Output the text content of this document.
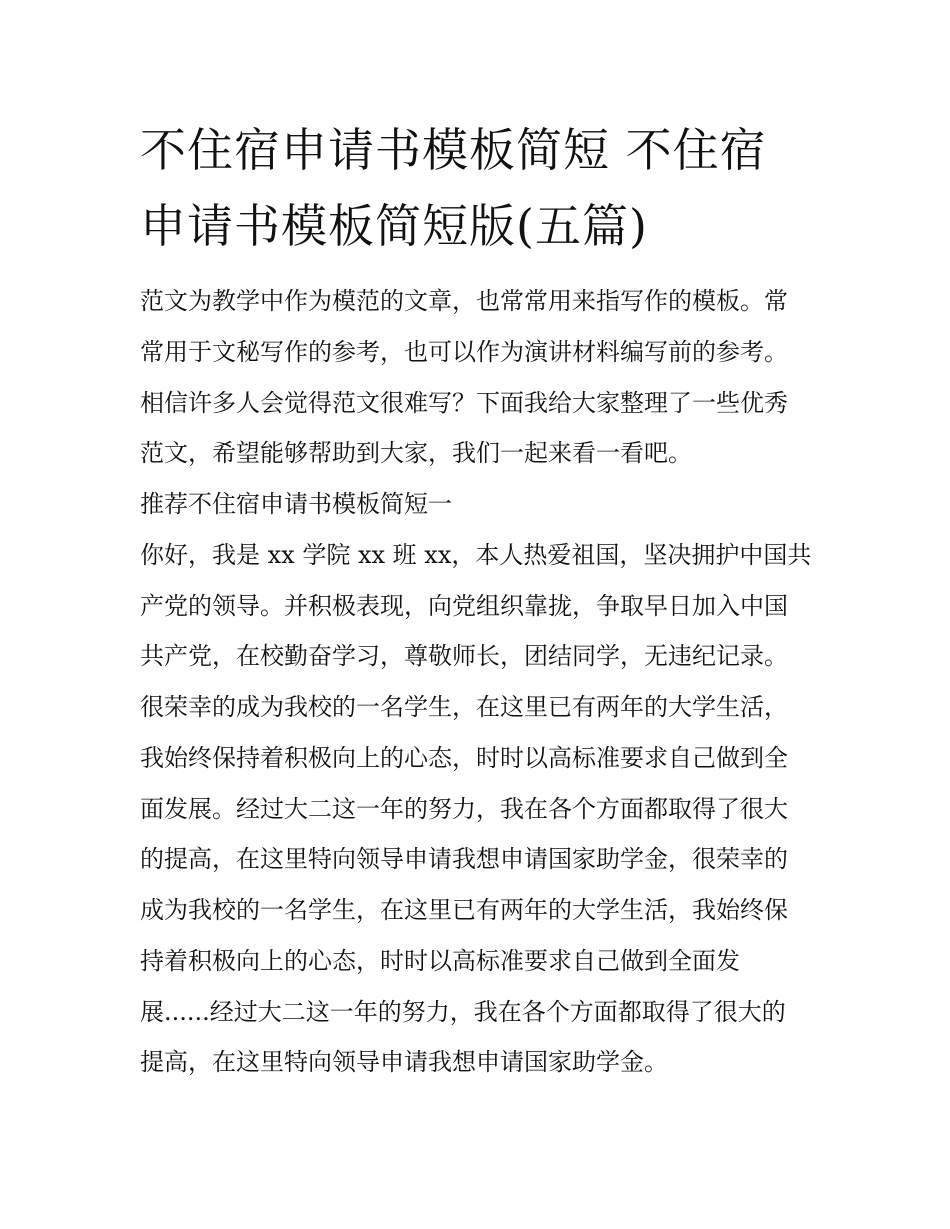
不住宿申请书模板简短 不住宿
申请书模板简短版(五篇)
范文为教学中作为模范的文章，也常常用来指写作的模板。常
常用于文秘写作的参考，也可以作为演讲材料编写前的参考。
相信许多人会觉得范文很难写？下面我给大家整理了一些优秀
范文，希望能够帮助到大家，我们一起来看一看吧。
推荐不住宿申请书模板简短一
你好，我是 xx 学院 xx 班 xx，本人热爱祖国，坚决拥护中国共
产党的领导。并积极表现，向党组织靠拢，争取早日加入中国
共产党，在校勤奋学习，尊敬师长，团结同学，无违纪记录。
很荣幸的成为我校的一名学生，在这里已有两年的大学生活，
我始终保持着积极向上的心态，时时以高标准要求自己做到全
面发展。经过大二这一年的努力，我在各个方面都取得了很大
的提高，在这里特向领导申请我想申请国家助学金，很荣幸的
成为我校的一名学生，在这里已有两年的大学生活，我始终保
持着积极向上的心态，时时以高标准要求自己做到全面发
展......经过大二这一年的努力，我在各个方面都取得了很大的
提高，在这里特向领导申请我想申请国家助学金。
